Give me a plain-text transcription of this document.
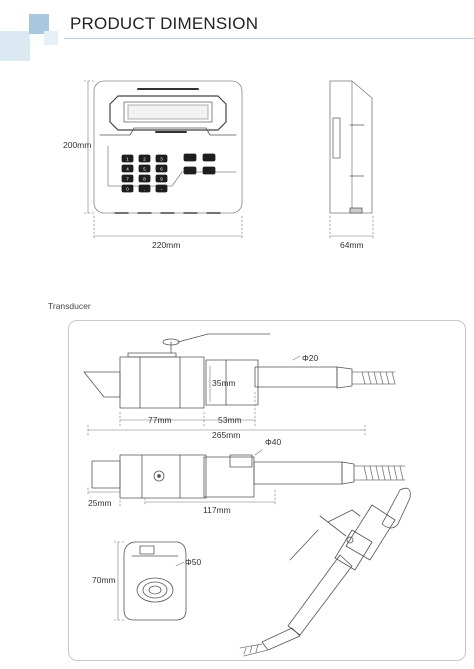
PRODUCT DIMENSION
1	2	3
4	5	6
7	8	9
0	.	-
200mm
220mm	64mm
Transducer
Φ20
35mm
77mm	53mm
265mm
Φ40
25mm
117mm
70mm
Φ50
